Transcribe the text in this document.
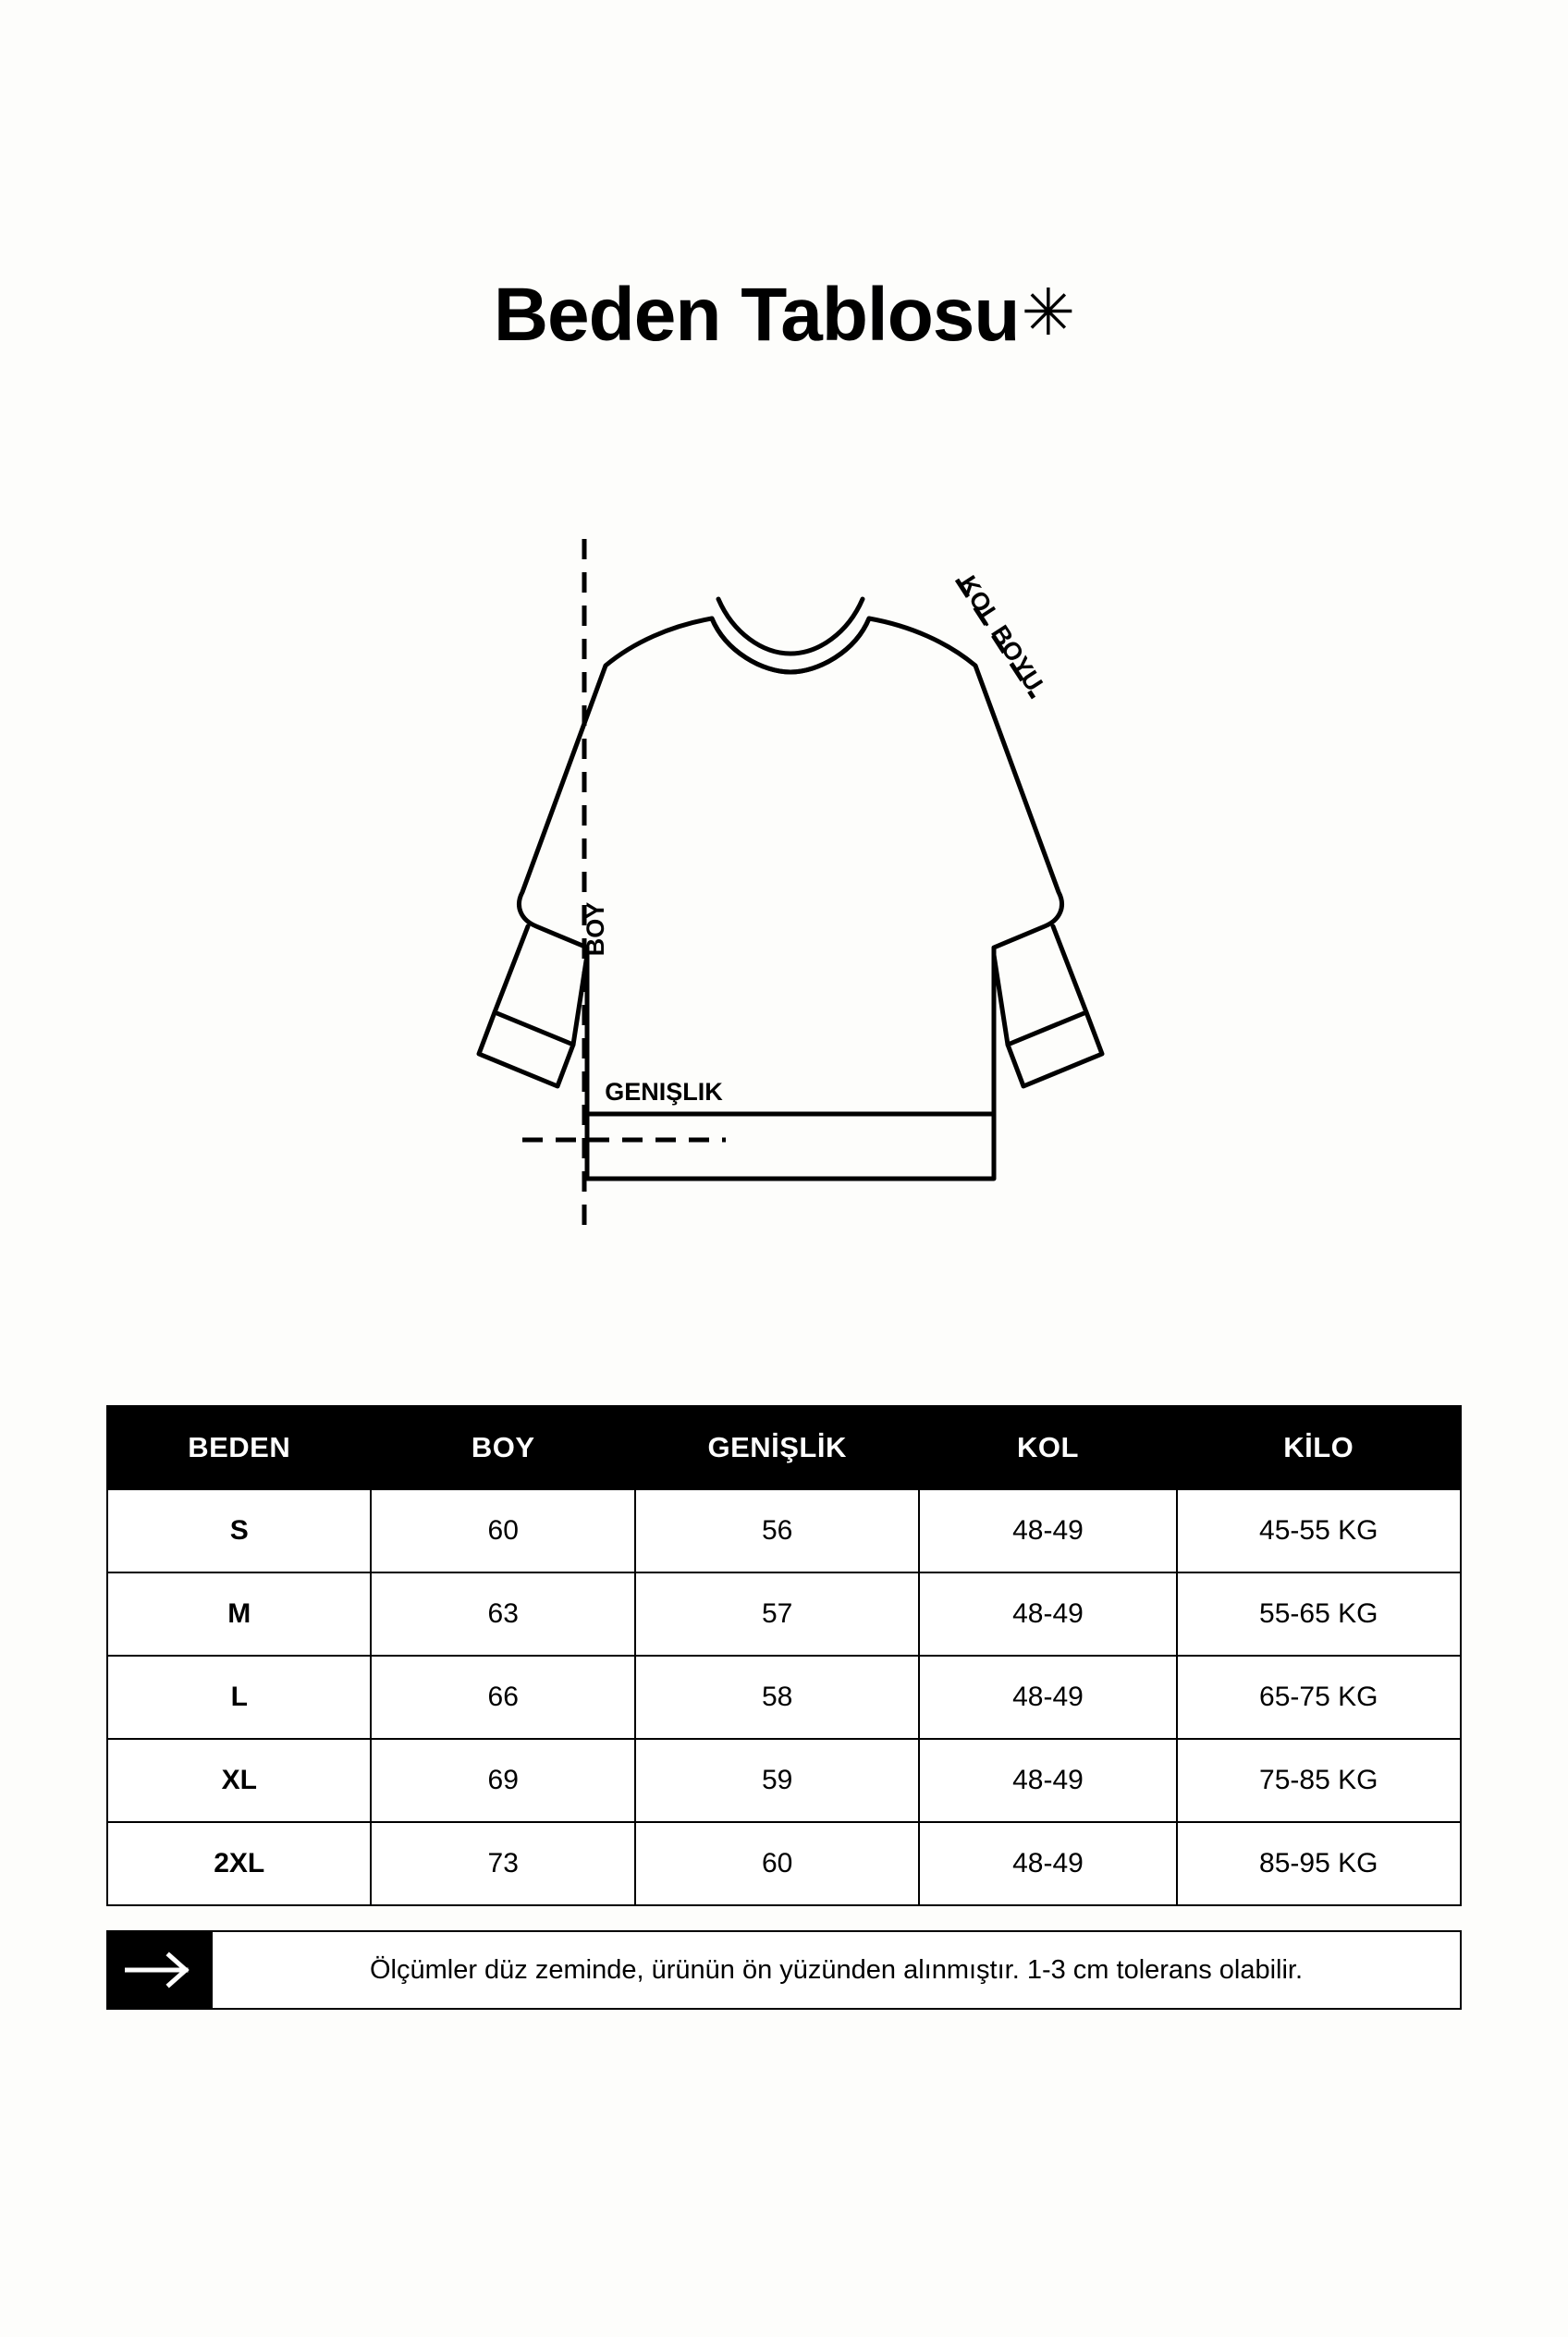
Beden Tablosu✳
BOY
GENIŞLIK
KOL BOYU
BEDEN	BOY	GENİŞLİK	KOL	KİLO
S	60	56	48-49	45-55 KG
M	63	57	48-49	55-65 KG
L	66	58	48-49	65-75 KG
XL	69	59	48-49	75-85 KG
2XL	73	60	48-49	85-95 KG
Ölçümler düz zeminde, ürünün ön yüzünden alınmıştır. 1-3 cm tolerans olabilir.
